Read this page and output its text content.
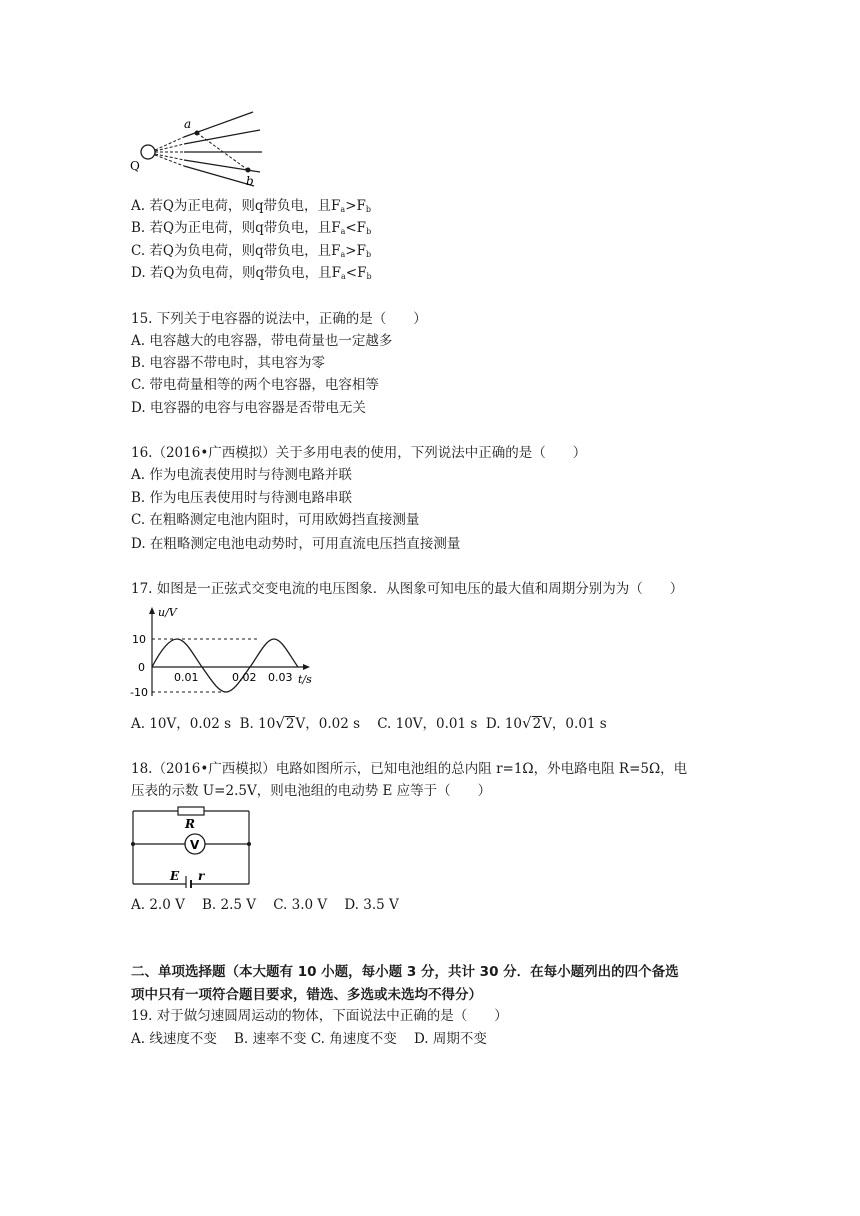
a
b
Q
A. 若Q为正电荷，则q带负电，且$F_a>F_b$
B. 若Q为正电荷，则q带负电，且$F_a<F_b$
C. 若Q为负电荷，则q带负电，且$F_a>F_b$
D. 若Q为负电荷，则q带负电，且$F_a<F_b$
15. 下列关于电容器的说法中，正确的是（　　）
A. 电容越大的电容器，带电荷量也一定越多
B. 电容器不带电时，其电容为零
C. 带电荷量相等的两个电容器，电容相等
D. 电容器的电容与电容器是否带电无关
16.（2016•广西模拟）关于多用电表的使用，下列说法中正确的是（　　）
A. 作为电流表使用时与待测电路并联
B. 作为电压表使用时与待测电路串联
C. 在粗略测定电池内阻时，可用欧姆挡直接测量
D. 在粗略测定电池电动势时，可用直流电压挡直接测量
17. 如图是一正弦式交变电流的电压图象．从图象可知电压的最大值和周期分别为为（　　）
u/V
t/s
10
0
-10
0.01	0.02 0.03
A. 10V，0.02 s B. 10√2V，0.02 s C. 10V，0.01 s D. 10√2V，0.01 s
18.（2016•广西模拟）电路如图所示，已知电池组的总内阻 r=1Ω，外电路电阻 R=5Ω，电
压表的示数 U=2.5V，则电池组的电动势 E 应等于（　　）
R
V
E r
A. 2.0 V B. 2.5 V C. 3.0 V D. 3.5 V
二、单项选择题（本大题有 10 小题，每小题 3 分，共计 30 分．在每小题列出的四个备选
项中只有一项符合题目要求，错选、多选或未选均不得分）
19. 对于做匀速圆周运动的物体，下面说法中正确的是（　　）
A. 线速度不变 B. 速率不变 C. 角速度不变 D. 周期不变
